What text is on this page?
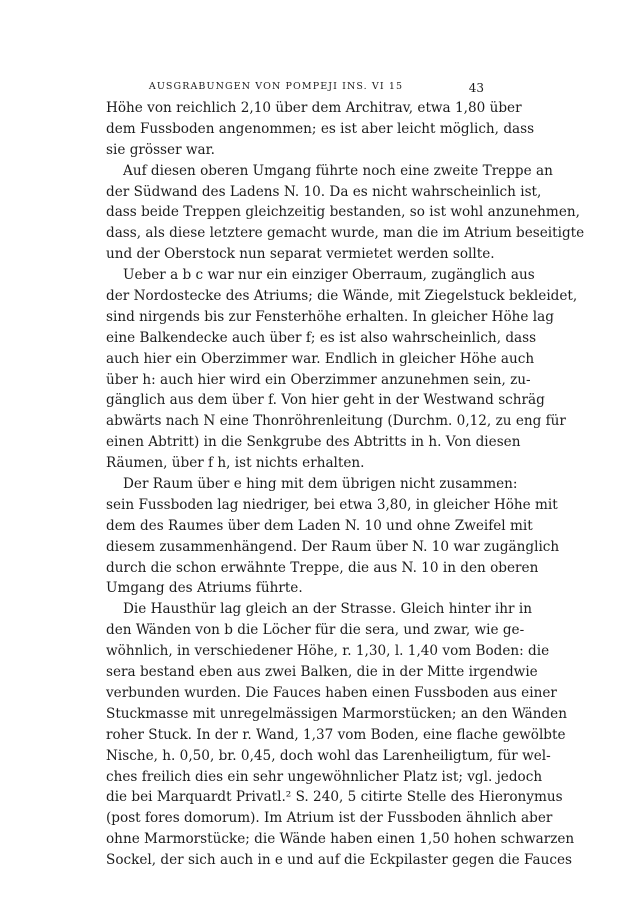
AUSGRABUNGEN VON POMPEJI INS. VI 15	43
Höhe von reichlich 2,10 über dem Architrav, etwa 1,80 über
dem Fussboden angenommen; es ist aber leicht möglich, dass
sie grösser war.
Auf diesen oberen Umgang führte noch eine zweite Treppe an
der Südwand des Ladens N. 10. Da es nicht wahrscheinlich ist,
dass beide Treppen gleichzeitig bestanden, so ist wohl anzunehmen,
dass, als diese letztere gemacht wurde, man die im Atrium beseitigte
und der Oberstock nun separat vermietet werden sollte.
Ueber a b c war nur ein einziger Oberraum, zugänglich aus
der Nordostecke des Atriums; die Wände, mit Ziegelstuck bekleidet,
sind nirgends bis zur Fensterhöhe erhalten. In gleicher Höhe lag
eine Balkendecke auch über f; es ist also wahrscheinlich, dass
auch hier ein Oberzimmer war. Endlich in gleicher Höhe auch
über h: auch hier wird ein Oberzimmer anzunehmen sein, zu-
gänglich aus dem über f. Von hier geht in der Westwand schräg
abwärts nach N eine Thonröhrenleitung (Durchm. 0,12, zu eng für
einen Abtritt) in die Senkgrube des Abtritts in h. Von diesen
Räumen, über f h, ist nichts erhalten.
Der Raum über e hing mit dem übrigen nicht zusammen:
sein Fussboden lag niedriger, bei etwa 3,80, in gleicher Höhe mit
dem des Raumes über dem Laden N. 10 und ohne Zweifel mit
diesem zusammenhängend. Der Raum über N. 10 war zugänglich
durch die schon erwähnte Treppe, die aus N. 10 in den oberen
Umgang des Atriums führte.
Die Hausthür lag gleich an der Strasse. Gleich hinter ihr in
den Wänden von b die Löcher für die sera, und zwar, wie ge-
wöhnlich, in verschiedener Höhe, r. 1,30, l. 1,40 vom Boden: die
sera bestand eben aus zwei Balken, die in der Mitte irgendwie
verbunden wurden. Die Fauces haben einen Fussboden aus einer
Stuckmasse mit unregelmässigen Marmorstücken; an den Wänden
roher Stuck. In der r. Wand, 1,37 vom Boden, eine flache gewölbte
Nische, h. 0,50, br. 0,45, doch wohl das Larenheiligtum, für wel-
ches freilich dies ein sehr ungewöhnlicher Platz ist; vgl. jedoch
die bei Marquardt Privatl.² S. 240, 5 citirte Stelle des Hieronymus
(post fores domorum). Im Atrium ist der Fussboden ähnlich aber
ohne Marmorstücke; die Wände haben einen 1,50 hohen schwarzen
Sockel, der sich auch in e und auf die Eckpilaster gegen die Fauces
